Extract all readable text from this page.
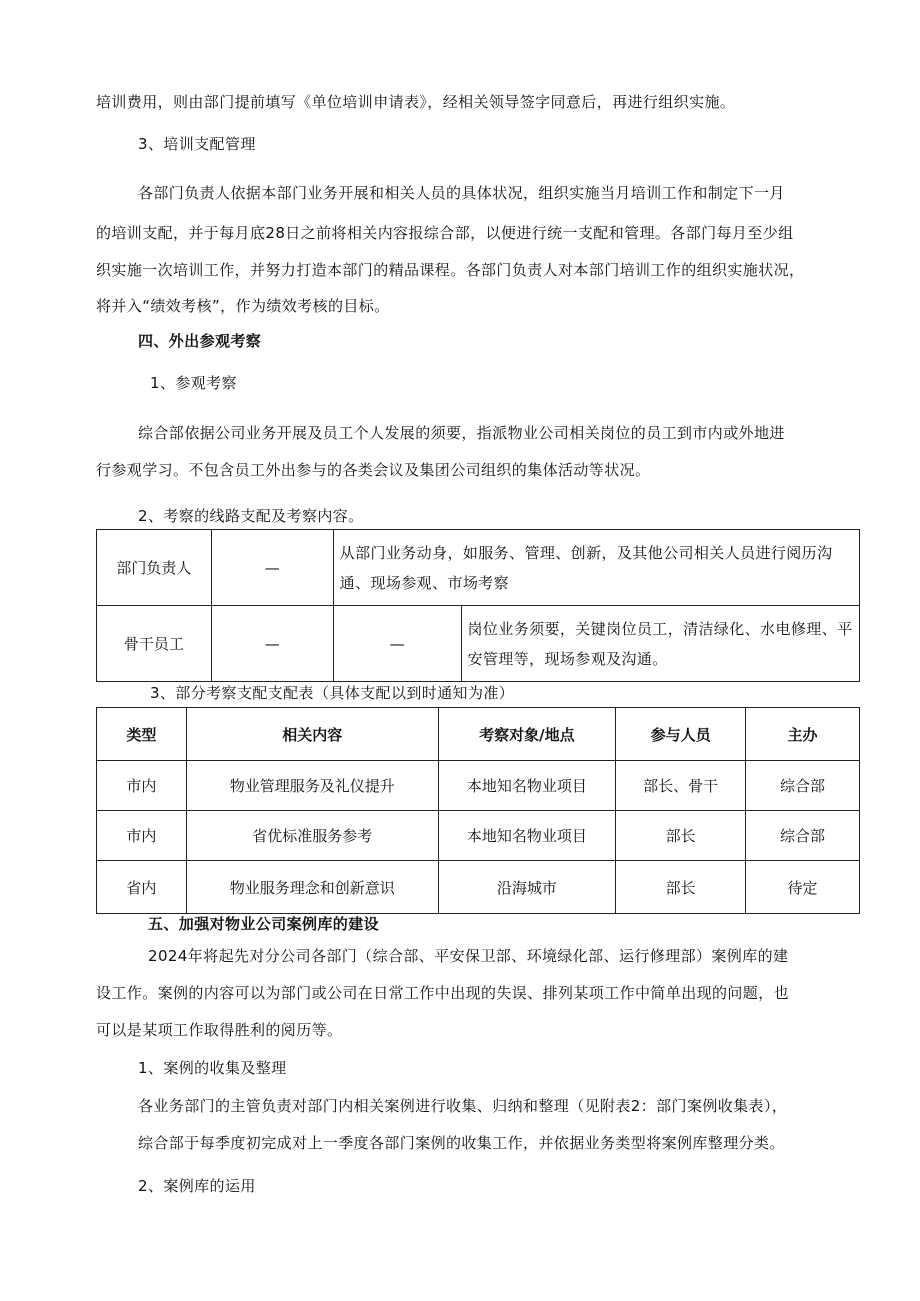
培训费用，则由部门提前填写《单位培训申请表》，经相关领导签字同意后，再进行组织实施。
3、培训支配管理
各部门负责人依据本部门业务开展和相关人员的具体状况，组织实施当月培训工作和制定下一月
的培训支配，并于每月底28日之前将相关内容报综合部，以便进行统一支配和管理。各部门每月至少组
织实施一次培训工作，并努力打造本部门的精品课程。各部门负责人对本部门培训工作的组织实施状况，
将并入“绩效考核”，作为绩效考核的目标。
四、外出参观考察
1、参观考察
综合部依据公司业务开展及员工个人发展的须要，指派物业公司相关岗位的员工到市内或外地进
行参观学习。不包含员工外出参与的各类会议及集团公司组织的集体活动等状况。
2、考察的线路支配及考察内容。
部门负责人	—	从部门业务动身，如服务、管理、创新，及其他公司相关人员进行阅历沟通、现场参观、市场考察	
骨干员工	—	—	岗位业务须要，关键岗位员工，清洁绿化、水电修理、平安管理等，现场参观及沟通。
3、部分考察支配支配表（具体支配以到时通知为准）
类型	相关内容	考察对象/地点	参与人员	主办
市内	物业管理服务及礼仪提升	本地知名物业项目	部长、骨干	综合部
市内	省优标准服务参考	本地知名物业项目	部长	综合部
省内	物业服务理念和创新意识	沿海城市	部长	待定
五、加强对物业公司案例库的建设
2024年将起先对分公司各部门（综合部、平安保卫部、环境绿化部、运行修理部）案例库的建
设工作。案例的内容可以为部门或公司在日常工作中出现的失误、排列某项工作中简单出现的问题，也
可以是某项工作取得胜利的阅历等。
1、案例的收集及整理
各业务部门的主管负责对部门内相关案例进行收集、归纳和整理（见附表2：部门案例收集表），
综合部于每季度初完成对上一季度各部门案例的收集工作，并依据业务类型将案例库整理分类。
2、案例库的运用
